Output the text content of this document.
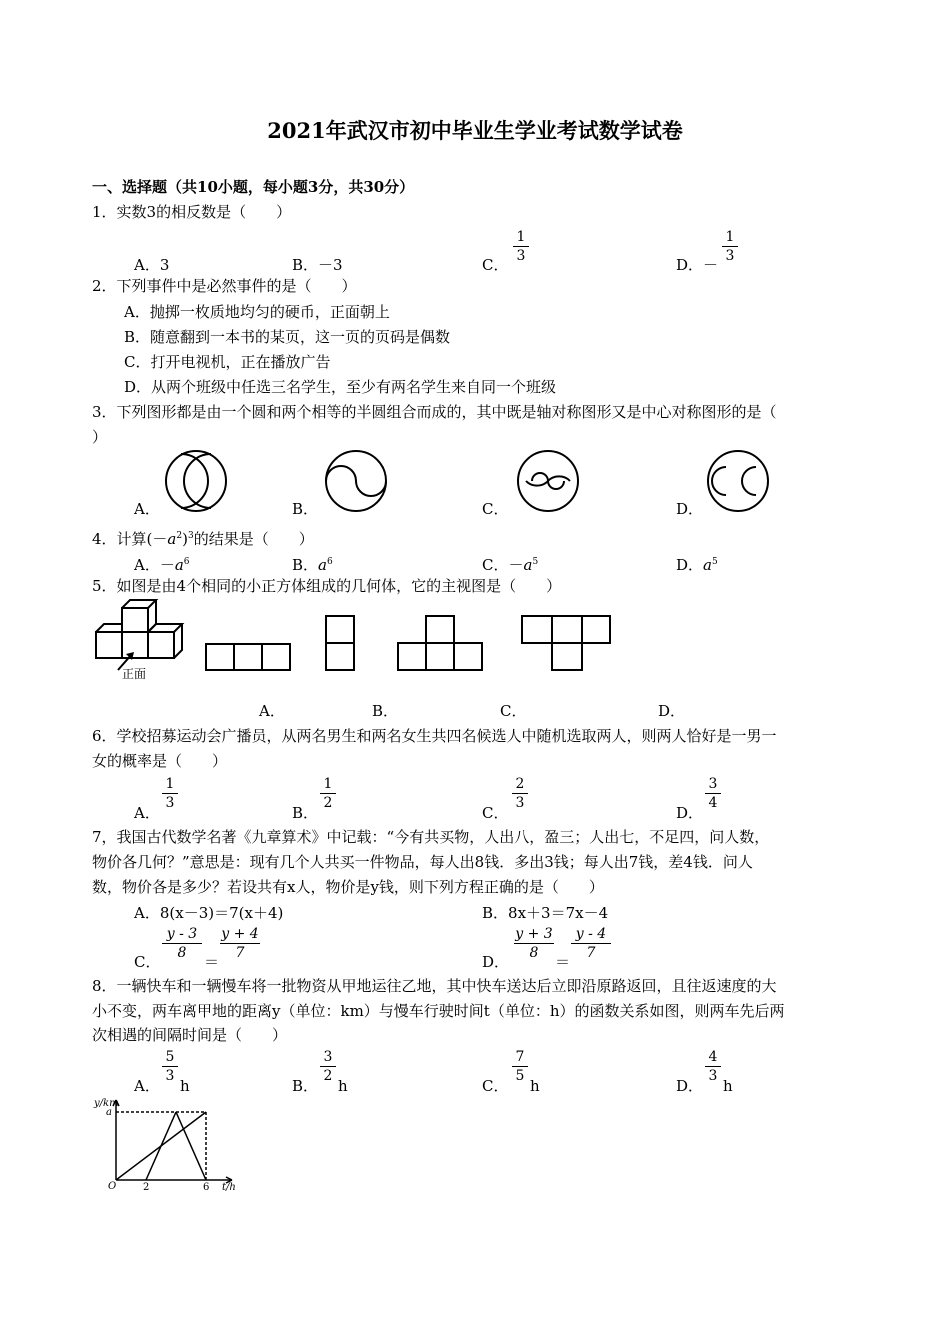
2021年武汉市初中毕业生学业考试数学试卷
一、选择题（共10小题，每小题3分，共30分）
1．实数3的相反数是（　　）
A．3	B．－3	C．
1
3	D．－
1
3
2．下列事件中是必然事件的是（　　）
A．抛掷一枚质地均匀的硬币，正面朝上
B．随意翻到一本书的某页，这一页的页码是偶数
C．打开电视机，正在播放广告
D．从两个班级中任选三名学生，至少有两名学生来自同一个班级
3．下列图形都是由一个圆和两个相等的半圆组合而成的，其中既是轴对称图形又是中心对称图形的是（
）
A．	B．	C．	D．
4．计算$(-a^2)^3$的结果是（　　）
A．$-a^6$	B．$a^6$	C．$-a^5$	D．$a^5$
5．如图是由4个相同的小正方体组成的几何体，它的主视图是（　　）
正面
A．	B．	C．	D．
6．学校招募运动会广播员，从两名男生和两名女生共四名候选人中随机选取两人，则两人恰好是一男一
女的概率是（　　）
A．
1
3
B．
1
2
C．
2
3
D．
3
4
7，我国古代数学名著《九章算术》中记载：“今有共买物，人出八，盈三；人出七，不足四，问人数，
物价各几何？”意思是：现有几个人共买一件物品，每人出8钱．多出3钱；每人出7钱，差4钱．问人
数，物价各是多少？若设共有x人，物价是y钱，则下列方程正确的是（　　）
A．8(x－3)＝7(x＋4)	B．8x＋3＝7x－4
C．
y - 3
8	＝
y + 4
7	D．
y + 3
8	＝
y - 4
7
8．一辆快车和一辆慢车将一批物资从甲地运往乙地，其中快车送达后立即沿原路返回，且往返速度的大
小不变，两车离甲地的距离y（单位：km）与慢车行驶时间t（单位：h）的函数关系如图，则两车先后两
次相遇的间隔时间是（　　）
A．
5
3
h	B．
3
2
h	C．
7
5
h	D．
4
3
h
y/km
a
O	2	6 t/h
